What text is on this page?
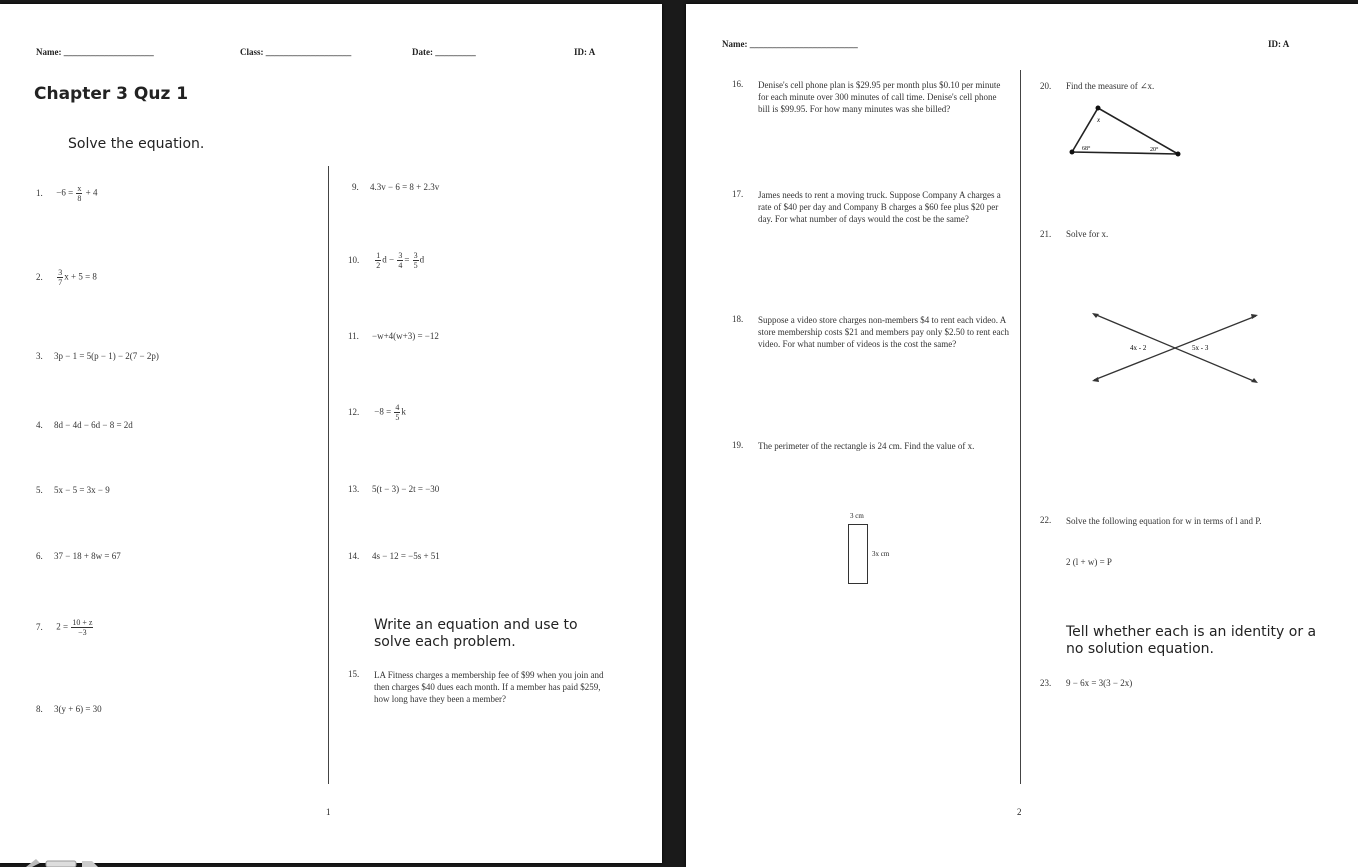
Name: ____________________	Class: ___________________	Date: _________	ID: A
Chapter 3 Quz 1
Solve the equation.
1. $-6 = \frac{x}{8} + 4$
2. $\frac{3}{7}$ x + 5 = 8
3. 3p − 1 = 5(p − 1) − 2(7 − 2p)
4. 8d − 4d − 6d − 8 = 2d
5. 5x − 5 = 3x − 9
6. 37 − 18 + 8w = 67
7. $2 = \frac{10 + z}{-3}$
8. 3(y + 6) = 30
9. 4.3v − 6 = 8 + 2.3v
10. $\frac{1}{2}$ $d - \frac{3}{4} = \frac{3}{5}$ d
11. −w+4(w+3) = −12
12. $-8 = \frac{4}{5}$ k
13. 5(t − 3) − 2t = −30
14. 4s − 12 = −5s + 51
Write an equation and use to solve each problem.
15. LA Fitness charges a membership fee of $99 when you join and then charges $40 dues each month. If a member has paid $259, how long have they been a member?
1
Name: ________________________	ID: A
16. Denise's cell phone plan is $29.95 per month plus $0.10 per minute for each minute over 300 minutes of call time. Denise's cell phone bill is $99.95. For how many minutes was she billed?
17. James needs to rent a moving truck. Suppose Company A charges a rate of $40 per day and Company B charges a $60 fee plus $20 per day. For what number of days would the cost be the same?
18. Suppose a video store charges non-members $4 to rent each video. A store membership costs $21 and members pay only $2.50 to rent each video. For what number of videos is the cost the same?
19. The perimeter of the rectangle is 24 cm. Find the value of x.
3 cm
3x cm
20. Find the measure of ∠x.
x
68°	20°
21. Solve for x.
4x - 2	5x - 3
22. Solve the following equation for w in terms of l and P.
2 (l + w) = P
Tell whether each is an identity or a no solution equation.
23. 9 − 6x = 3(3 − 2x)
2
